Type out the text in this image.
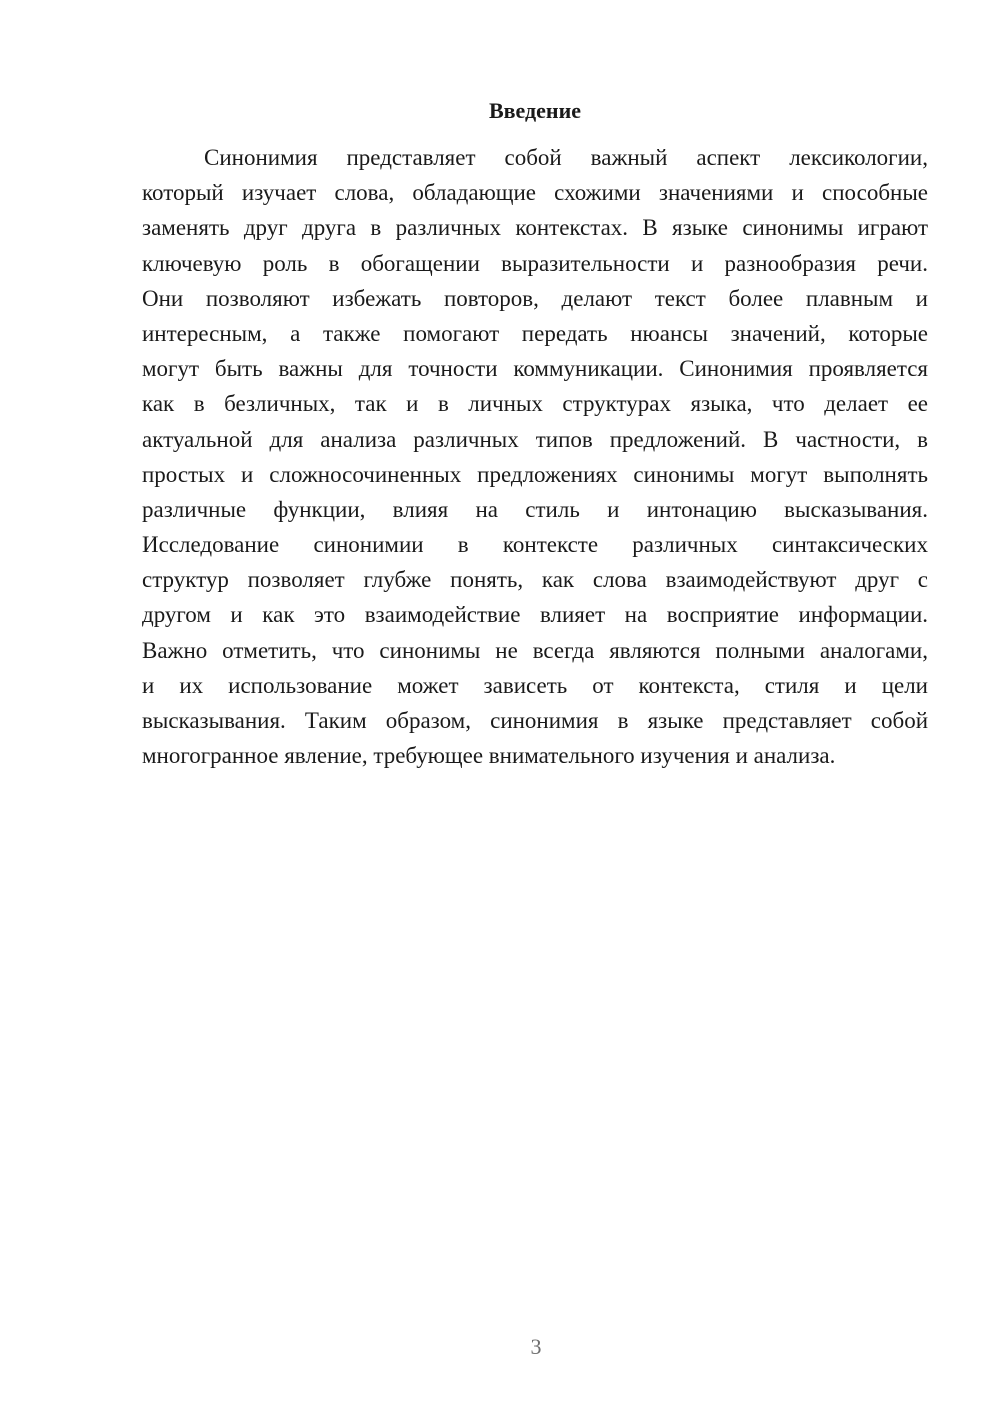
Введение
Синонимия представляет собой важный аспект лексикологии,
который изучает слова, обладающие схожими значениями и способные
заменять друг друга в различных контекстах. В языке синонимы играют
ключевую роль в обогащении выразительности и разнообразия речи.
Они позволяют избежать повторов, делают текст более плавным и
интересным, а также помогают передать нюансы значений, которые
могут быть важны для точности коммуникации. Синонимия проявляется
как в безличных, так и в личных структурах языка, что делает ее
актуальной для анализа различных типов предложений. В частности, в
простых и сложносочиненных предложениях синонимы могут выполнять
различные функции, влияя на стиль и интонацию высказывания.
Исследование синонимии в контексте различных синтаксических
структур позволяет глубже понять, как слова взаимодействуют друг с
другом и как это взаимодействие влияет на восприятие информации.
Важно отметить, что синонимы не всегда являются полными аналогами,
и их использование может зависеть от контекста, стиля и цели
высказывания. Таким образом, синонимия в языке представляет собой
многогранное явление, требующее внимательного изучения и анализа.
3
